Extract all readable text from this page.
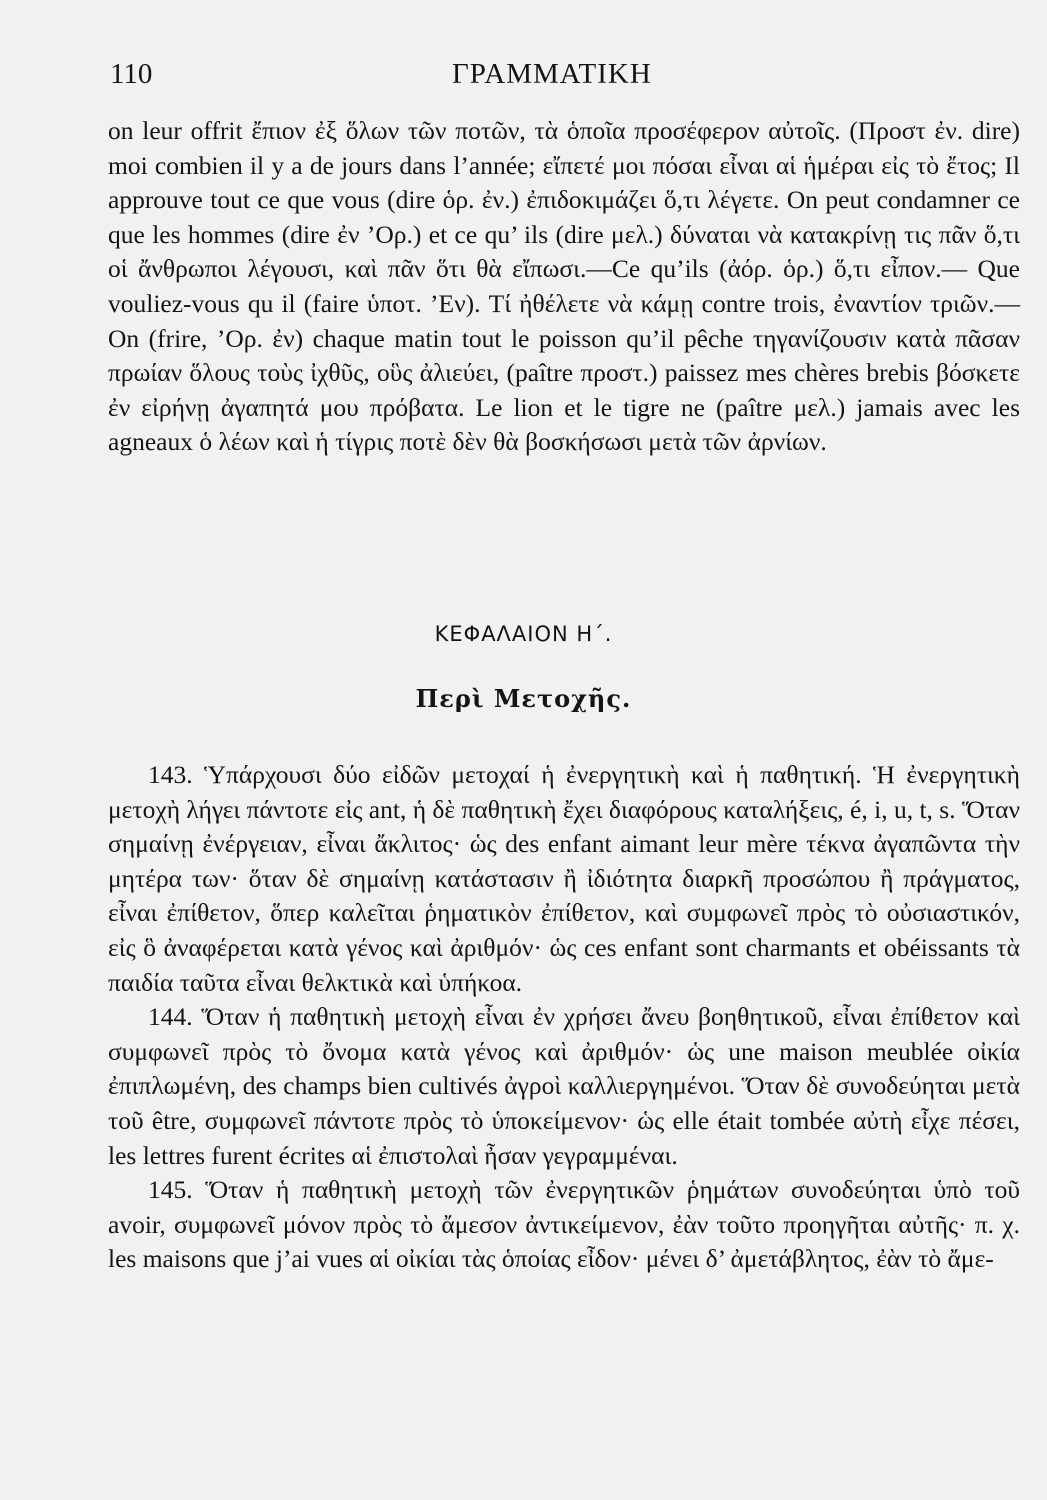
110	ΓΡΑΜΜΑΤΙΚΗ

on leur offrit ἔπιον ἐξ ὅλων τῶν ποτῶν, τὰ ὁποῖα προσέφερον αὐτοῖς. (Προστ ἐν. dire) moi combien il y a de jours dans l’année; εἴπετέ μοι πόσαι εἶναι αἱ ἡμέραι εἰς τὸ ἔτος; Il approuve tout ce que vous (dire ὁρ. ἐν.) ἐπιδοκιμάζει ὅ,τι λέγετε. On peut condamner ce que les hommes (dire ἐν ’Ορ.) et ce qu’ ils (dire μελ.) δύναται νὰ κατακρίνῃ τις πᾶν ὅ,τι οἱ ἄνθρωποι λέγουσι, καὶ πᾶν ὅτι θὰ εἴπωσι.—Ce qu’ils (ἀόρ. ὁρ.) ὅ,τι εἶπον.— Que vouliez-vous qu il (faire ὑποτ. ’Εν). Τί ἠθέλετε νὰ κάμῃ contre trois, ἐναντίον τριῶν.—On (frire, ’Ορ. ἐν) chaque matin tout le poisson qu’il pêche τηγανίζουσιν κατὰ πᾶσαν πρωίαν ὅλους τοὺς ἰχθῦς, οὓς ἀλιεύει, (paître προστ.) paissez mes chères brebis βόσκετε ἐν εἰρήνῃ ἀγαπητά μου πρόβατα. Le lion et le tigre ne (paître μελ.) jamais avec les agneaux ὁ λέων καὶ ἡ τίγρις ποτὲ δὲν θὰ βοσκήσωσι μετὰ τῶν ἀρνίων.

ΚΕΦΑΛΑΙΟΝ Η΄.
Περὶ Μετοχῆς.

143. Ὑπάρχουσι δύο εἰδῶν μετοχαί ἡ ἐνεργητικὴ καὶ ἡ παθητική. Ἡ ἐνεργητικὴ μετοχὴ λήγει πάντοτε εἰς ant, ἡ δὲ παθητικὴ ἔχει διαφόρους καταλήξεις, é, i, u, t, s. Ὅταν σημαίνῃ ἐνέργειαν, εἶναι ἄκλιτος· ὡς des enfant aimant leur mère τέκνα ἀγαπῶντα τὴν μητέρα των· ὅταν δὲ σημαίνῃ κατάστασιν ἢ ἰδιότητα διαρκῆ προσώπου ἢ πράγματος, εἶναι ἐπίθετον, ὅπερ καλεῖται ῥηματικὸν ἐπίθετον, καὶ συμφωνεῖ πρὸς τὸ οὐσιαστικόν, εἰς ὃ ἀναφέρεται κατὰ γένος καὶ ἀριθμόν· ὡς ces enfant sont charmants et obéissants τὰ παιδία ταῦτα εἶναι θελκτικὰ καὶ ὑπήκοα.

144. Ὅταν ἡ παθητικὴ μετοχὴ εἶναι ἐν χρήσει ἄνευ βοηθητικοῦ, εἶναι ἐπίθετον καὶ συμφωνεῖ πρὸς τὸ ὄνομα κατὰ γένος καὶ ἀριθμόν· ὡς une maison meublée οἰκία ἐπιπλωμένη, des champs bien cultivés ἀγροὶ καλλιεργημένοι. Ὅταν δὲ συνοδεύηται μετὰ τοῦ être, συμφωνεῖ πάντοτε πρὸς τὸ ὑποκείμενον· ὡς elle était tombée αὐτὴ εἶχε πέσει, les lettres furent écrites αἱ ἐπιστολαὶ ἦσαν γεγραμμέναι.

145. Ὅταν ἡ παθητικὴ μετοχὴ τῶν ἐνεργητικῶν ῥημάτων συνοδεύηται ὑπὸ τοῦ avoir, συμφωνεῖ μόνον πρὸς τὸ ἄμεσον ἀντικείμενον, ἐὰν τοῦτο προηγῆται αὐτῆς· π. χ. les maisons que j’ai vues αἱ οἰκίαι τὰς ὁποίας εἶδον· μένει δ’ ἀμετάβλητος, ἐὰν τὸ ἄμε-
